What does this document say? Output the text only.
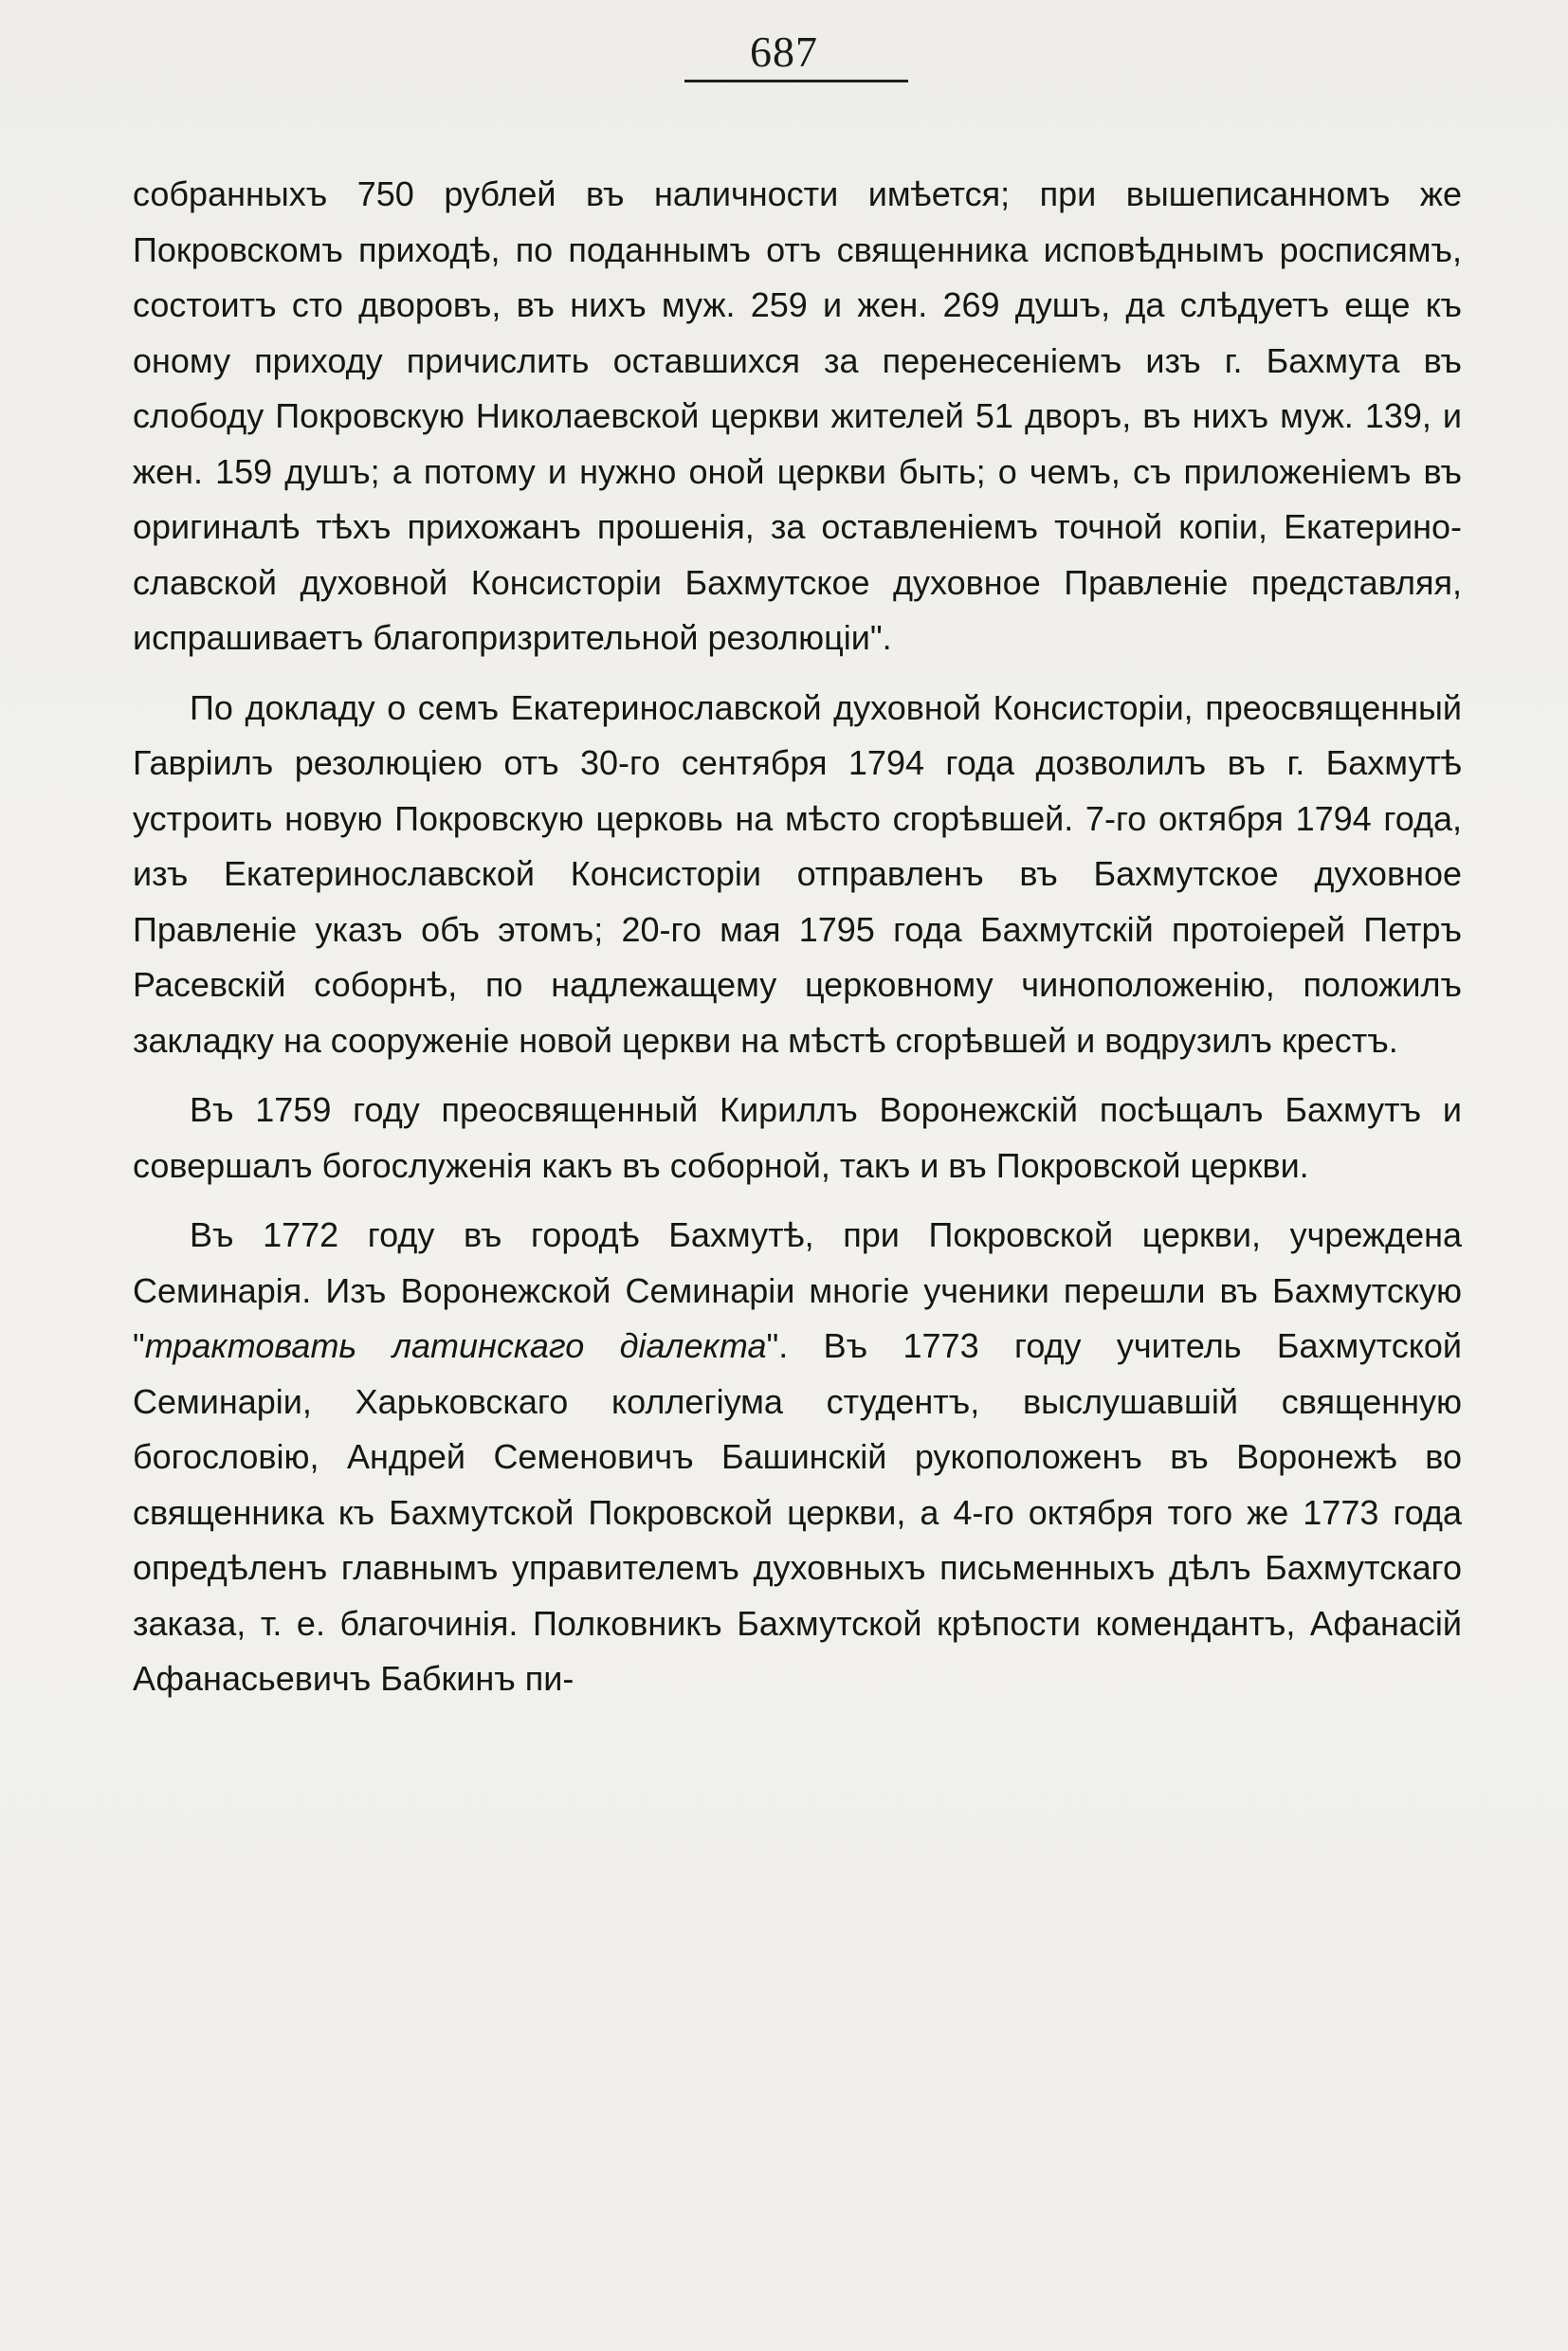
687

собранныхъ 750 рублей въ наличности имѣется; при вышеписанномъ же Покровскомъ приходѣ, по поданнымъ отъ священника исповѣднымъ росписямъ, состоитъ сто дворовъ, въ нихъ муж. 259 и жен. 269 душъ, да слѣдуетъ еще къ оному приходу причислить оставшихся за перенесеніемъ изъ г. Бахмута въ слободу Покровскую Николаевской церкви жителей 51 дворъ, въ нихъ муж. 139, и жен. 159 душъ; а потому и нужно оной церкви быть; о чемъ, съ приложеніемъ въ оригиналѣ тѣхъ прихожанъ прошенія, за оставленіемъ точной копіи, Екатеринославской духовной Консисторіи Бахмутское духовное Правленіе представляя, испрашиваетъ благопризрительной резолюціи".

По докладу о семъ Екатеринославской духовной Консисторіи, преосвященный Гавріилъ резолюціею отъ 30-го сентября 1794 года дозволилъ въ г. Бахмутѣ устроить новую Покровскую церковь на мѣсто сгорѣвшей. 7-го октября 1794 года, изъ Екатеринославской Консисторіи отправленъ въ Бахмутское духовное Правленіе указъ объ этомъ; 20-го мая 1795 года Бахмутскій протоіерей Петръ Расевскій соборнѣ, по надлежащему церковному чиноположенію, положилъ закладку на сооруженіе новой церкви на мѣстѣ сгорѣвшей и водрузилъ крестъ.

Въ 1759 году преосвященный Кириллъ Воронежскій посѣщалъ Бахмутъ и совершалъ богослуженія какъ въ соборной, такъ и въ Покровской церкви.

Въ 1772 году въ городѣ Бахмутѣ, при Покровской церкви, учреждена Семинарія. Изъ Воронежской Семинаріи многіе ученики перешли въ Бахмутскую "трактовать латинскаго діалекта". Въ 1773 году учитель Бахмутской Семинаріи, Харьковскаго коллегіума студентъ, выслушавшій священную богословію, Андрей Семеновичъ Башинскій рукоположенъ въ Воронежѣ во священника къ Бахмутской Покровской церкви, а 4-го октября того же 1773 года опредѣленъ главнымъ управителемъ духовныхъ письменныхъ дѣлъ Бахмутскаго заказа, т. е. благочинія. Полковникъ Бахмутской крѣпости комендантъ, Афанасій Афанасьевичъ Бабкинъ пи-
